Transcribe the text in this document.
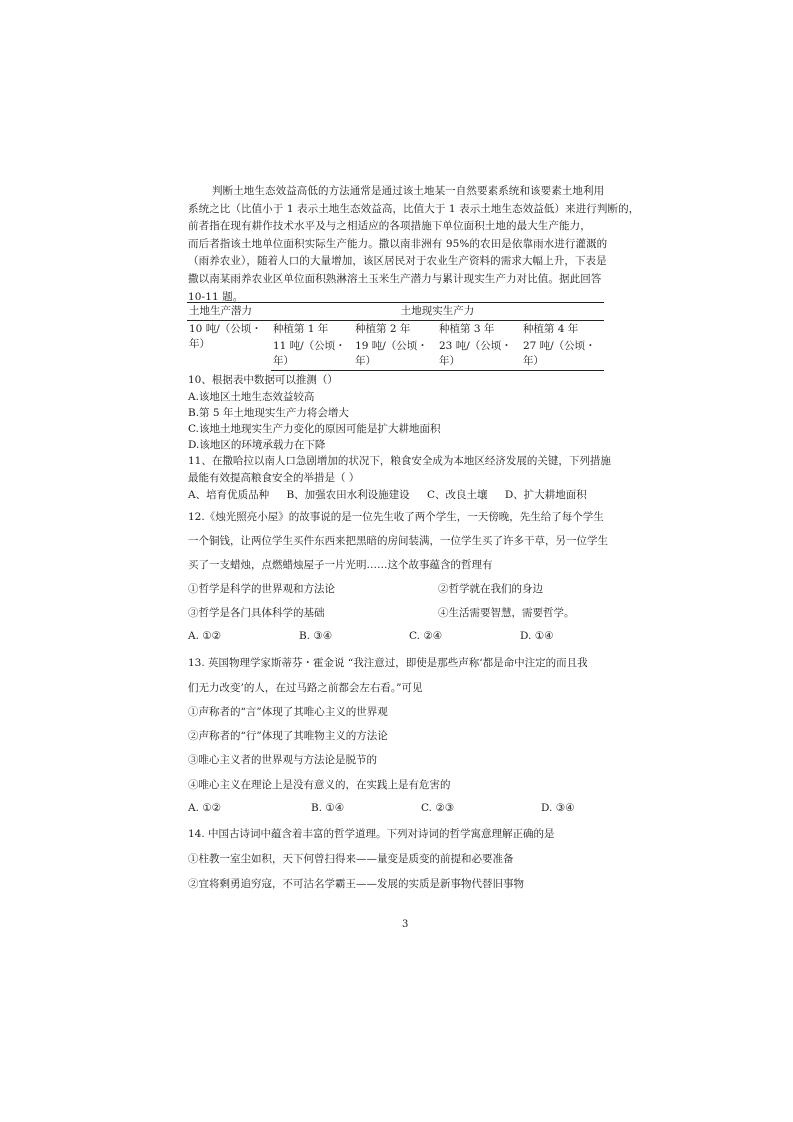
判断土地生态效益高低的方法通常是通过该土地某一自然要素系统和该要素土地利用
系统之比（比值小于 1 表示土地生态效益高，比值大于 1 表示土地生态效益低）来进行判断的，
前者指在现有耕作技术水平及与之相适应的各项措施下单位面积土地的最大生产能力，
而后者指该土地单位面积实际生产能力。撒以南非洲有 95%的农田是依靠雨水进行灌溉的
（雨养农业），随着人口的大量增加，该区居民对于农业生产资料的需求大幅上升，下表是
撒以南某雨养农业区单位面积熟淋溶土玉米生产潜力与累计现实生产力对比值。据此回答
10-11 题。
土地生产潜力	土地现实生产力			
10 吨/（公顷・年）	种植第 1 年	种植第 2 年	种植第 3 年	种植第 4 年
	11 吨/（公顷・年）	19 吨/（公顷・年）	23 吨/（公顷・年）	27 吨/（公顷・年）
10、根据表中数据可以推测（）
A.该地区土地生态效益较高
B.第 5 年土地现实生产力将会增大
C.该地土地现实生产力变化的原因可能是扩大耕地面积
D.该地区的环境承载力在下降
11、在撒哈拉以南人口急剧增加的状况下，粮食安全成为本地区经济发展的关键，下列措施
最能有效提高粮食安全的举措是（ ）
A、培育优质品种 B、加强农田水利设施建设 C、改良土壤 D、扩大耕地面积
12.《烛光照亮小屋》的故事说的是一位先生收了两个学生，一天傍晚，先生给了每个学生
一个铜钱，让两位学生买件东西来把黑暗的房间装满，一位学生买了许多干草，另一位学生
买了一支蜡烛，点燃蜡烛屋子一片光明……这个故事蕴含的哲理有
①哲学是科学的世界观和方法论	②哲学就在我们的身边
③哲学是各门具体科学的基础	④生活需要智慧，需要哲学。
A. ①②	B. ③④	C. ②④	D. ①④
13. 英国物理学家斯蒂芬・霍金说 “我注意过，即使是那些声称‘都是命中注定的而且我
们无力改变’的人，在过马路之前都会左右看。”可见
①声称者的“言”体现了其唯心主义的世界观
②声称者的“行”体现了其唯物主义的方法论
③唯心主义者的世界观与方法论是脱节的
④唯心主义在理论上是没有意义的，在实践上是有危害的
A. ①②	B. ①④	C. ②③	D. ③④
14. 中国古诗词中蕴含着丰富的哲学道理。下列对诗词的哲学寓意理解正确的是
①柱教一室尘如积，天下何曾扫得来——量变是质变的前提和必要准备
②宜将剩勇追穷寇，不可沽名学霸王——发展的实质是新事物代替旧事物
3
